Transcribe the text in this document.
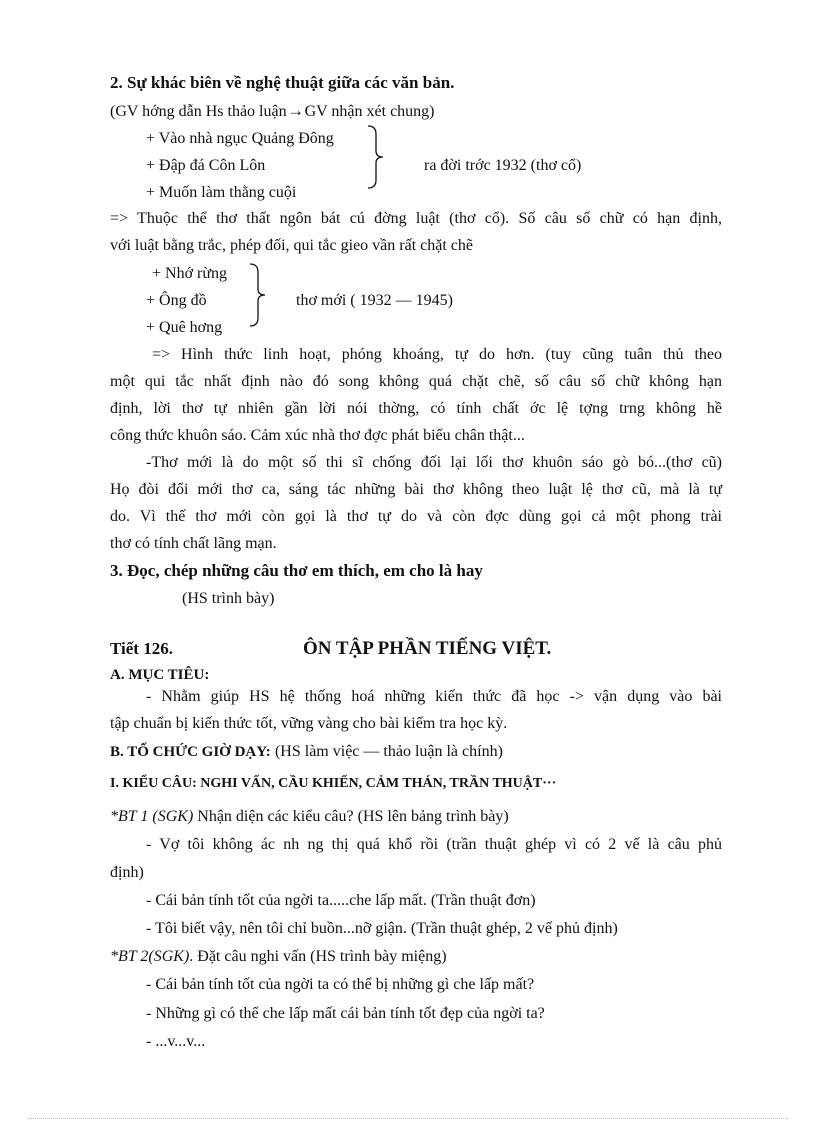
2. Sự khác biên về nghệ thuật giữa các văn bản.
(GV hớng dẫn Hs thảo luận→GV nhận xét chung)
+ Vào nhà ngục Quảng Đông
+ Đập đá Côn Lôn
+ Muốn làm thằng cuội
ra đời trớc 1932 (thơ cổ)
=> Thuộc thể thơ thất ngôn bát cú đờng luật (thơ cổ). Số câu số chữ có hạn định,
với luật bằng trắc, phép đối, qui tắc gieo vần rất chặt chẽ
+ Nhớ rừng
+ Ông đồ
+ Quê hơng
thơ mới ( 1932 — 1945)
=> Hình thức linh hoạt, phóng khoáng, tự do hơn. (tuy cũng tuân thủ theo
một qui tắc nhất định nào đó song không quá chặt chẽ, số câu số chữ không hạn
định, lời thơ tự nhiên gần lời nói thờng, có tính chất ớc lệ tợng trng không hề
công thức khuôn sáo. Cảm xúc nhà thơ đợc phát biểu chân thật...
-Thơ mới là do một số thi sĩ chống đối lại lối thơ khuôn sáo gò bó...(thơ cũ)
Họ đòi đổi mới thơ ca, sáng tác những bài thơ không theo luật lệ thơ cũ, mà là tự
do. Vì thế thơ mới còn gọi là thơ tự do và còn đợc dùng gọi cả một phong trài
thơ có tính chất lãng mạn.
3. Đọc, chép những câu thơ em thích, em cho là hay
(HS trình bày)
Tiết 126.	ÔN TẬP PHẦN TIẾNG VIỆT.
A. MỤC TIÊU:
- Nhằm giúp HS hệ thống hoá những kiến thức đã học -> vận dụng vào bài
tập chuẩn bị kiến thức tốt, vững vàng cho bài kiểm tra học kỳ.
B. TỔ CHỨC GIỜ DẠY: (HS làm việc — thảo luận là chính)
I. KIỂU CÂU: NGHI VẤN, CẦU KHIẾN, CẢM THÁN, TRẦN THUẬT···
*BT 1 (SGK) Nhận diện các kiểu câu? (HS lên bảng trình bày)
- Vợ tôi không ác nh ng thị quá khổ rồi (trần thuật ghép vì có 2 vế là câu phủ
định)
- Cái bản tính tốt của ngời ta.....che lấp mất. (Trần thuật đơn)
- Tôi biết vậy, nên tôi chỉ buồn...nỡ giận. (Trần thuật ghép, 2 vế phủ định)
*BT 2(SGK). Đặt câu nghi vấn (HS trình bày miệng)
- Cái bản tính tốt của ngời ta có thể bị những gì che lấp mất?
- Những gì có thể che lấp mất cái bản tính tốt đẹp của ngời ta?
- ...v...v...
